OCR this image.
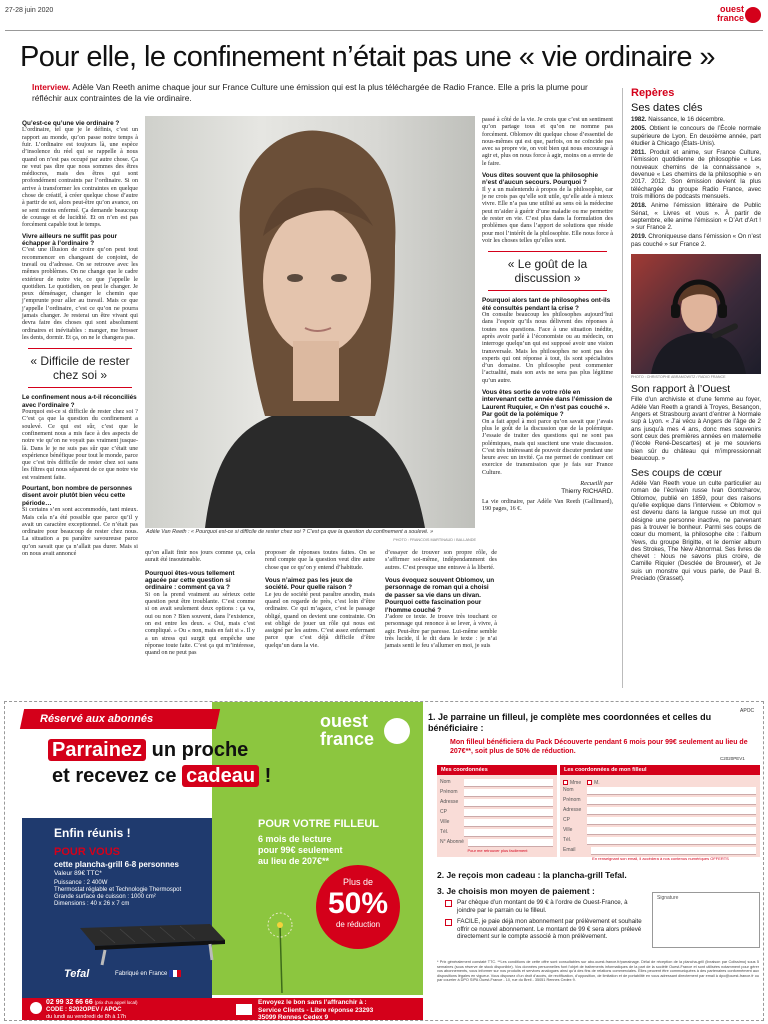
27-28 juin 2020	ouest
france
Pour elle, le confinement n’était pas une « vie ordinaire »
Interview. Adèle Van Reeth anime chaque jour sur France Culture une émission qui est la plus téléchargée de Radio France. Elle a pris la plume pour réfléchir aux contraintes de la vie ordinaire.
Qu’est-ce qu’une vie ordinaire ?
L’ordinaire, tel que je le définis, c’est un rapport au monde, qu’on passe notre temps à fuir. L’ordinaire est toujours là, une espèce d’insolence du réel qui se rappelle à nous quand on n’est pas occupé par autre chose. Ça ne veut pas dire que nous sommes des êtres médiocres, mais des êtres qui sont profondément contraints par l’ordinaire. Si on arrive à transformer les contraintes en quelque chose de créatif, à créer quelque chose d’autre à partir de soi, alors peut-être qu’on avance, on se sent moins enfermé. Ça demande beaucoup de courage et de lucidité. Et on n’en est pas forcément capable tout le temps.
Vivre ailleurs ne suffit pas pour échapper à l’ordinaire ?
C’est une illusion de croire qu’on peut tout recommencer en changeant de conjoint, de travail ou d’adresse. On se retrouve avec les mêmes problèmes. On ne change que le cadre extérieur de notre vie, ce que j’appelle le quotidien. Le quotidien, on peut le changer. Je peux déménager, changer le chemin que j’emprunte pour aller au travail. Mais ce que j’appelle l’ordinaire, c’est ce qu’on ne pourra jamais changer. Je resterai un être vivant qui devra faire des choses qui sont absolument ordinaires et inévitables : manger, me brosser les dents, dormir. Et ça, on ne le changera pas.
« Difficile de rester chez soi »
Le confinement nous a-t-il réconciliés avec l’ordinaire ?
Pourquoi est-ce si difficile de rester chez soi ? C’est ça que la question du confinement a soulevé. Ce qui est sûr, c’est que le confinement nous a mis face à des aspects de notre vie qu’on ne voyait pas vraiment jusque-là. Dans le je ne suis pas sûr que c’était une expérience bénéfique pour tout le monde, parce que c’est très difficile de rester chez soi sans les filtres qui nous séparent de ce que notre vie est vraiment faite.
Pourtant, bon nombre de personnes disent avoir plutôt bien vécu cette période…
Si certains s’en sont accommodés, tant mieux. Mais cela n’a été possible que parce qu’il y avait un caractère exceptionnel. Ce n’était pas ordinaire pour beaucoup de rester chez nous. La situation a pu paraître savoureuse parce qu’on savait que ça n’allait pas durer. Mais si on nous avait annoncé
Adèle Van Reeth : « Pourquoi est-ce si difficile de rester chez soi ? C’est ça que la question du confinement a soulevé. »
PHOTO : FRANCOIS MARTINAUD / BALLANDE
qu’on allait finir nos jours comme ça, cela aurait été insoutenable.
Pourquoi êtes-vous tellement agacée par cette question si ordinaire : comment ça va ?
Si on la prend vraiment au sérieux cette question peut être troublante. C’est comme si on avait seulement deux options : ça va, oui ou non ? Bien souvent, dans l’existence, on est entre les deux. « Oui, mais c’est compliqué. » Ou « non, mais en fait si ». Il y a un stress qui surgit qui empêche une réponse toute faite. C’est ça qui m’intéresse, quand on ne peut pas
proposer de réponses toutes faites. On se rend compte que la question veut dire autre chose que ce qu’on y entend d’habitude.
Vous n’aimez pas les jeux de société. Pour quelle raison ?
Le jeu de société peut paraître anodin, mais quand on regarde de près, c’est loin d’être ordinaire. Ce qui m’agace, c’est le passage obligé, quand on devient une contrainte. On est obligé de jouer un rôle qui nous est assigné par les autres. C’est assez enfermant parce que c’est déjà difficile d’être quelqu’un dans la vie.
d’essayer de trouver son propre rôle, de s’affirmer soi-même, indépendamment des autres. C’est presque une entrave à la liberté.
Vous évoquez souvent Oblomov, un personnage de roman qui a choisi de passer sa vie dans un divan. Pourquoi cette fascination pour l’homme couché ?
J’adore ce texte. Je trouve très touchant ce personnage qui renonce à se lever, à vivre, à agir. Peut-être par paresse. Lui-même semble très lucide, il le dit dans le texte : je n’ai jamais senti le feu s’allumer en moi, je suis
passé à côté de la vie. Je crois que c’est un sentiment qu’on partage tous et qu’on ne nomme pas forcément. Oblomov dit quelque chose d’essentiel de nous-mêmes qui est que, parfois, on ne coïncide pas avec sa propre vie, on voit bien qui nous encourage à agir et, plus on nous force à agir, moins on a envie de le faire.
Vous dites souvent que la philosophie n’est d’aucun secours. Pourquoi ?
Il y a un malentendu à propos de la philosophie, car je ne crois pas qu’elle soit utile, qu’elle aide à mieux vivre. Elle n’a pas une utilité au sens où la médecine peut m’aider à guérir d’une maladie ou me permettre de rester en vie. C’est plus dans la formulation des problèmes que dans l’apport de solutions que réside pour moi l’intérêt de la philosophie. Elle nous force à voir les choses telles qu’elles sont.
« Le goût de la discussion »
Pourquoi alors tant de philosophes ont-ils été consultés pendant la crise ?
On consulte beaucoup les philosophes aujourd’hui dans l’espoir qu’ils nous délivrent des réponses à toutes nos questions. Face à une situation inédite, après avoir parlé à l’économiste ou au médecin, on interroge quelqu’un qui est supposé avoir une vision transversale. Mais les philosophes ne sont pas des experts qui ont réponse à tout, ils sont spécialistes d’un domaine. Un philosophe peut commenter l’actualité, mais son avis ne sera pas plus légitime qu’un autre.
Vous êtes sortie de votre rôle en intervenant cette année dans l’émission de Laurent Ruquier, « On n’est pas couché ». Par goût de la polémique ?
On a fait appel à moi parce qu’on savait que j’avais plus le goût de la discussion que de la polémique. J’essaie de traiter des questions qui ne sont pas polémiques, mais qui suscitent une vraie discussion. C’est très intéressant de pouvoir discuter pendant une heure avec un invité. Ça me permet de continuer cet exercice de transmission que je fais sur France Culture.
Recueilli par
Thierry RICHARD.
La vie ordinaire, par Adèle Van Reeth (Gallimard), 190 pages, 16 €.
Repères
Ses dates clés

1982. Naissance, le 16 décembre.

2005. Obtient le concours de l’École normale supérieure de Lyon. En deuxième année, part étudier à Chicago (États-Unis).

2011. Produit et anime, sur France Culture, l’émission quotidienne de philosophie « Les nouveaux chemins de la connaissance », devenue « Les chemins de la philosophie » en 2017. 2012. Son émission devient la plus téléchargée du groupe Radio France, avec trois millions de podcasts mensuels.

2018. Anime l’émission littéraire de Public Sénat, « Livres et vous ». À partir de septembre, elle anime l’émission « D’Art d’Art ! » sur France 2.

2019. Chroniqueuse dans l’émission « On n’est pas couché » sur France 2.

PHOTO : CHRISTOPHE ABRAMOWITZ / RADIO FRANCE
Son rapport à l’Ouest
Fille d’un archiviste et d’une femme au foyer, Adèle Van Reeth a grandi à Troyes, Besançon, Angers et Strasbourg avant d’entrer à Normale sup à Lyon. « J’ai vécu à Angers de l’âge de 2 ans jusqu’à mes 4 ans, donc mes souvenirs sont ceux des premières années en maternelle (l’école René-Descartes) et je me souviens bien sûr du château qui m’impressionnait beaucoup. »
Ses coups de cœur
Adèle Van Reeth voue un culte particulier au roman de l’écrivain russe Ivan Gontcharov, Oblomov, publié en 1859, pour des raisons qu’elle explique dans l’interview. « Oblomov » est devenu dans la langue russe un mot qui désigne une personne inactive, ne parvenant pas à trouver le bonheur. Parmi ses coups de cœur du moment, la philosophe cite : l’album Yews, du groupe Brigitte, et le dernier album des Strokes, The New Abnormal. Ses livres de chevet : Nous ne savons plus croire, de Camille Riquier (Desclée de Brouwer), et Je suis un monstre qui vous parle, de Paul B. Preciado (Grasset).
Réservé aux abonnés
Parrainez un proche
et recevez ce cadeau !
ouest
france
Enfin réunis !
POUR VOUS
cette plancha-grill 6-8 personnes
Valeur 89€ TTC*
Puissance : 2 400W
Thermostat réglable et Technologie Thermospot
Grande surface de cuisson : 1000 cm²
Dimensions : 40 x 26 x 7 cm
POUR VOTRE FILLEUL
6 mois de lecture
pour 99€ seulement
au lieu de 207€**
Plus de
50%
de réduction
Tefal	Fabriqué en France
02 99 32 66 66 (prix d’un appel local)
CODE : S202OPEV / APOC
du lundi au vendredi de 8h à 17h
Envoyez le bon sans l’affranchir à :
Service Clients - Libre réponse 23293
35099 Rennes Cedex 9
APOC
1. Je parraine un filleul, je complète mes coordonnées et celles du bénéficiaire :
Mon filleul bénéficiera du Pack Découverte pendant 6 mois pour 99€ seulement au lieu de 207€**, soit plus de 50% de réduction.
C2020PEV1
Mes coordonnées	Les coordonnées de mon filleul
Nom
Prénom
Adresse
CP
Ville
Tél.
N° Abonné
Pour me retrouver plus facilement
Mme	M.
Nom
Prénom
Adresse
CP
Ville
Tél.
Email
En renseignant son email, il accèdera à nos contenus numériques OFFERTS
2. Je reçois mon cadeau : la plancha-grill Tefal.
3. Je choisis mon moyen de paiement :
Par chèque d’un montant de 99 € à l’ordre de Ouest-France, à joindre par le parrain ou le filleul.
FACILE, je paie déjà mon abonnement par prélèvement et souhaite offrir ce nouvel abonnement. Le montant de 99 € sera alors prélevé directement sur le compte associé à mon prélèvement.
Signature
* Prix généralement constaté TTC. **Les conditions de cette offre sont consultables sur abo.ouest-france.fr/parrainage. Délai de réception de la plancha-grill (livraison par Colissimo) sous 5 semaines (sous réserve de stock disponible). Vos données personnelles font l’objet de traitements informatiques de la part de la société Ouest-France et sont utilisées notamment pour gérer vos abonnements, vous informer sur nos produits et services analogues ainsi qu’à des fins de relations commerciales. Elles peuvent être communiquées à des partenaires conformément aux dispositions légales en vigueur. Vous disposez d’un droit d’accès, de rectification, d’opposition, de limitation et de portabilité en vous adressant directement par email à dpo@ouest-france.fr ou par courrier à DPO SIPA Ouest-France - 10, rue du Breil - 35051 Rennes Cedex 9.
